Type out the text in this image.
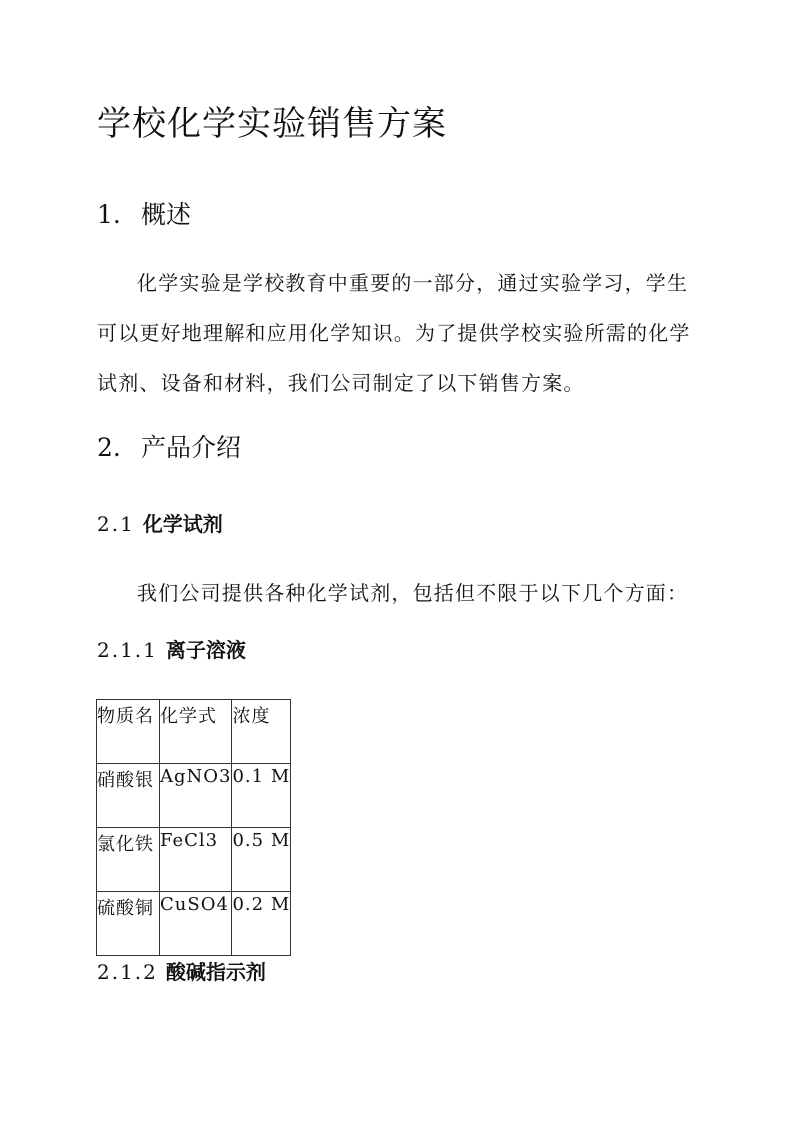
学校化学实验销售方案
1. 概述

化学实验是学校教育中重要的一部分，通过实验学习，学生可以更好地理解和应用化学知识。为了提供学校实验所需的化学试剂、设备和材料，我们公司制定了以下销售方案。

2. 产品介绍
2.1 化学试剂

我们公司提供各种化学试剂，包括但不限于以下几个方面：

2.1.1 离子溶液
物质名	化学式	浓度
硝酸银	AgNO3	0.1 M
氯化铁	FeCl3	0.5 M
硫酸铜	CuSO4	0.2 M
2.1.2 酸碱指示剂
